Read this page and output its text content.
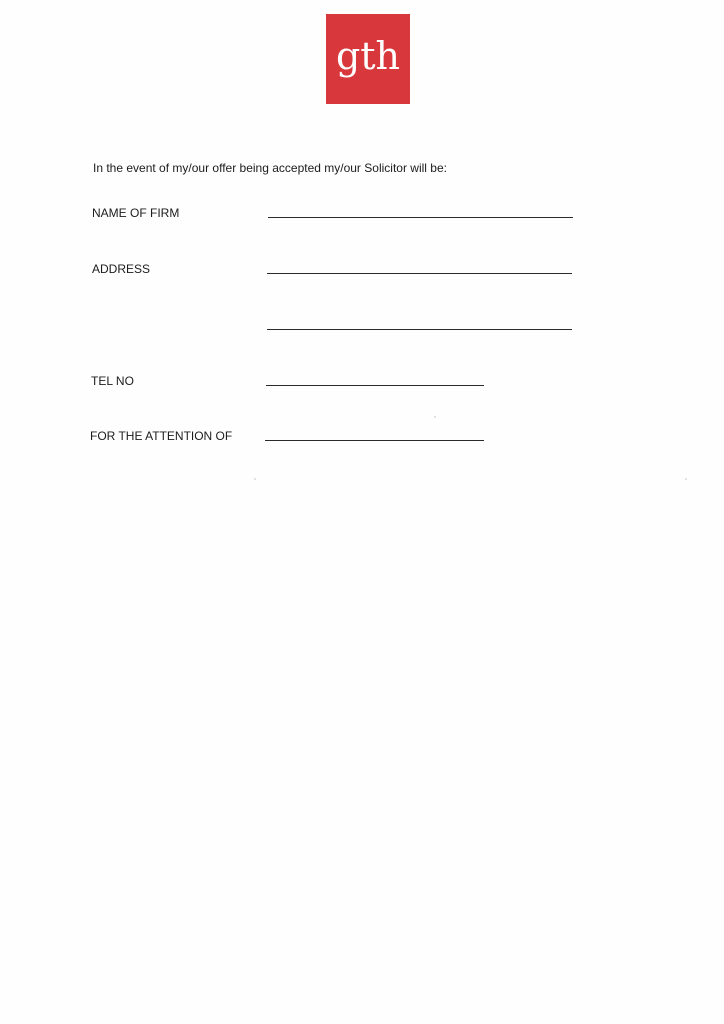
gth
In the event of my/our offer being accepted my/our Solicitor will be:
NAME OF FIRM
ADDRESS
TEL NO
FOR THE ATTENTION OF
